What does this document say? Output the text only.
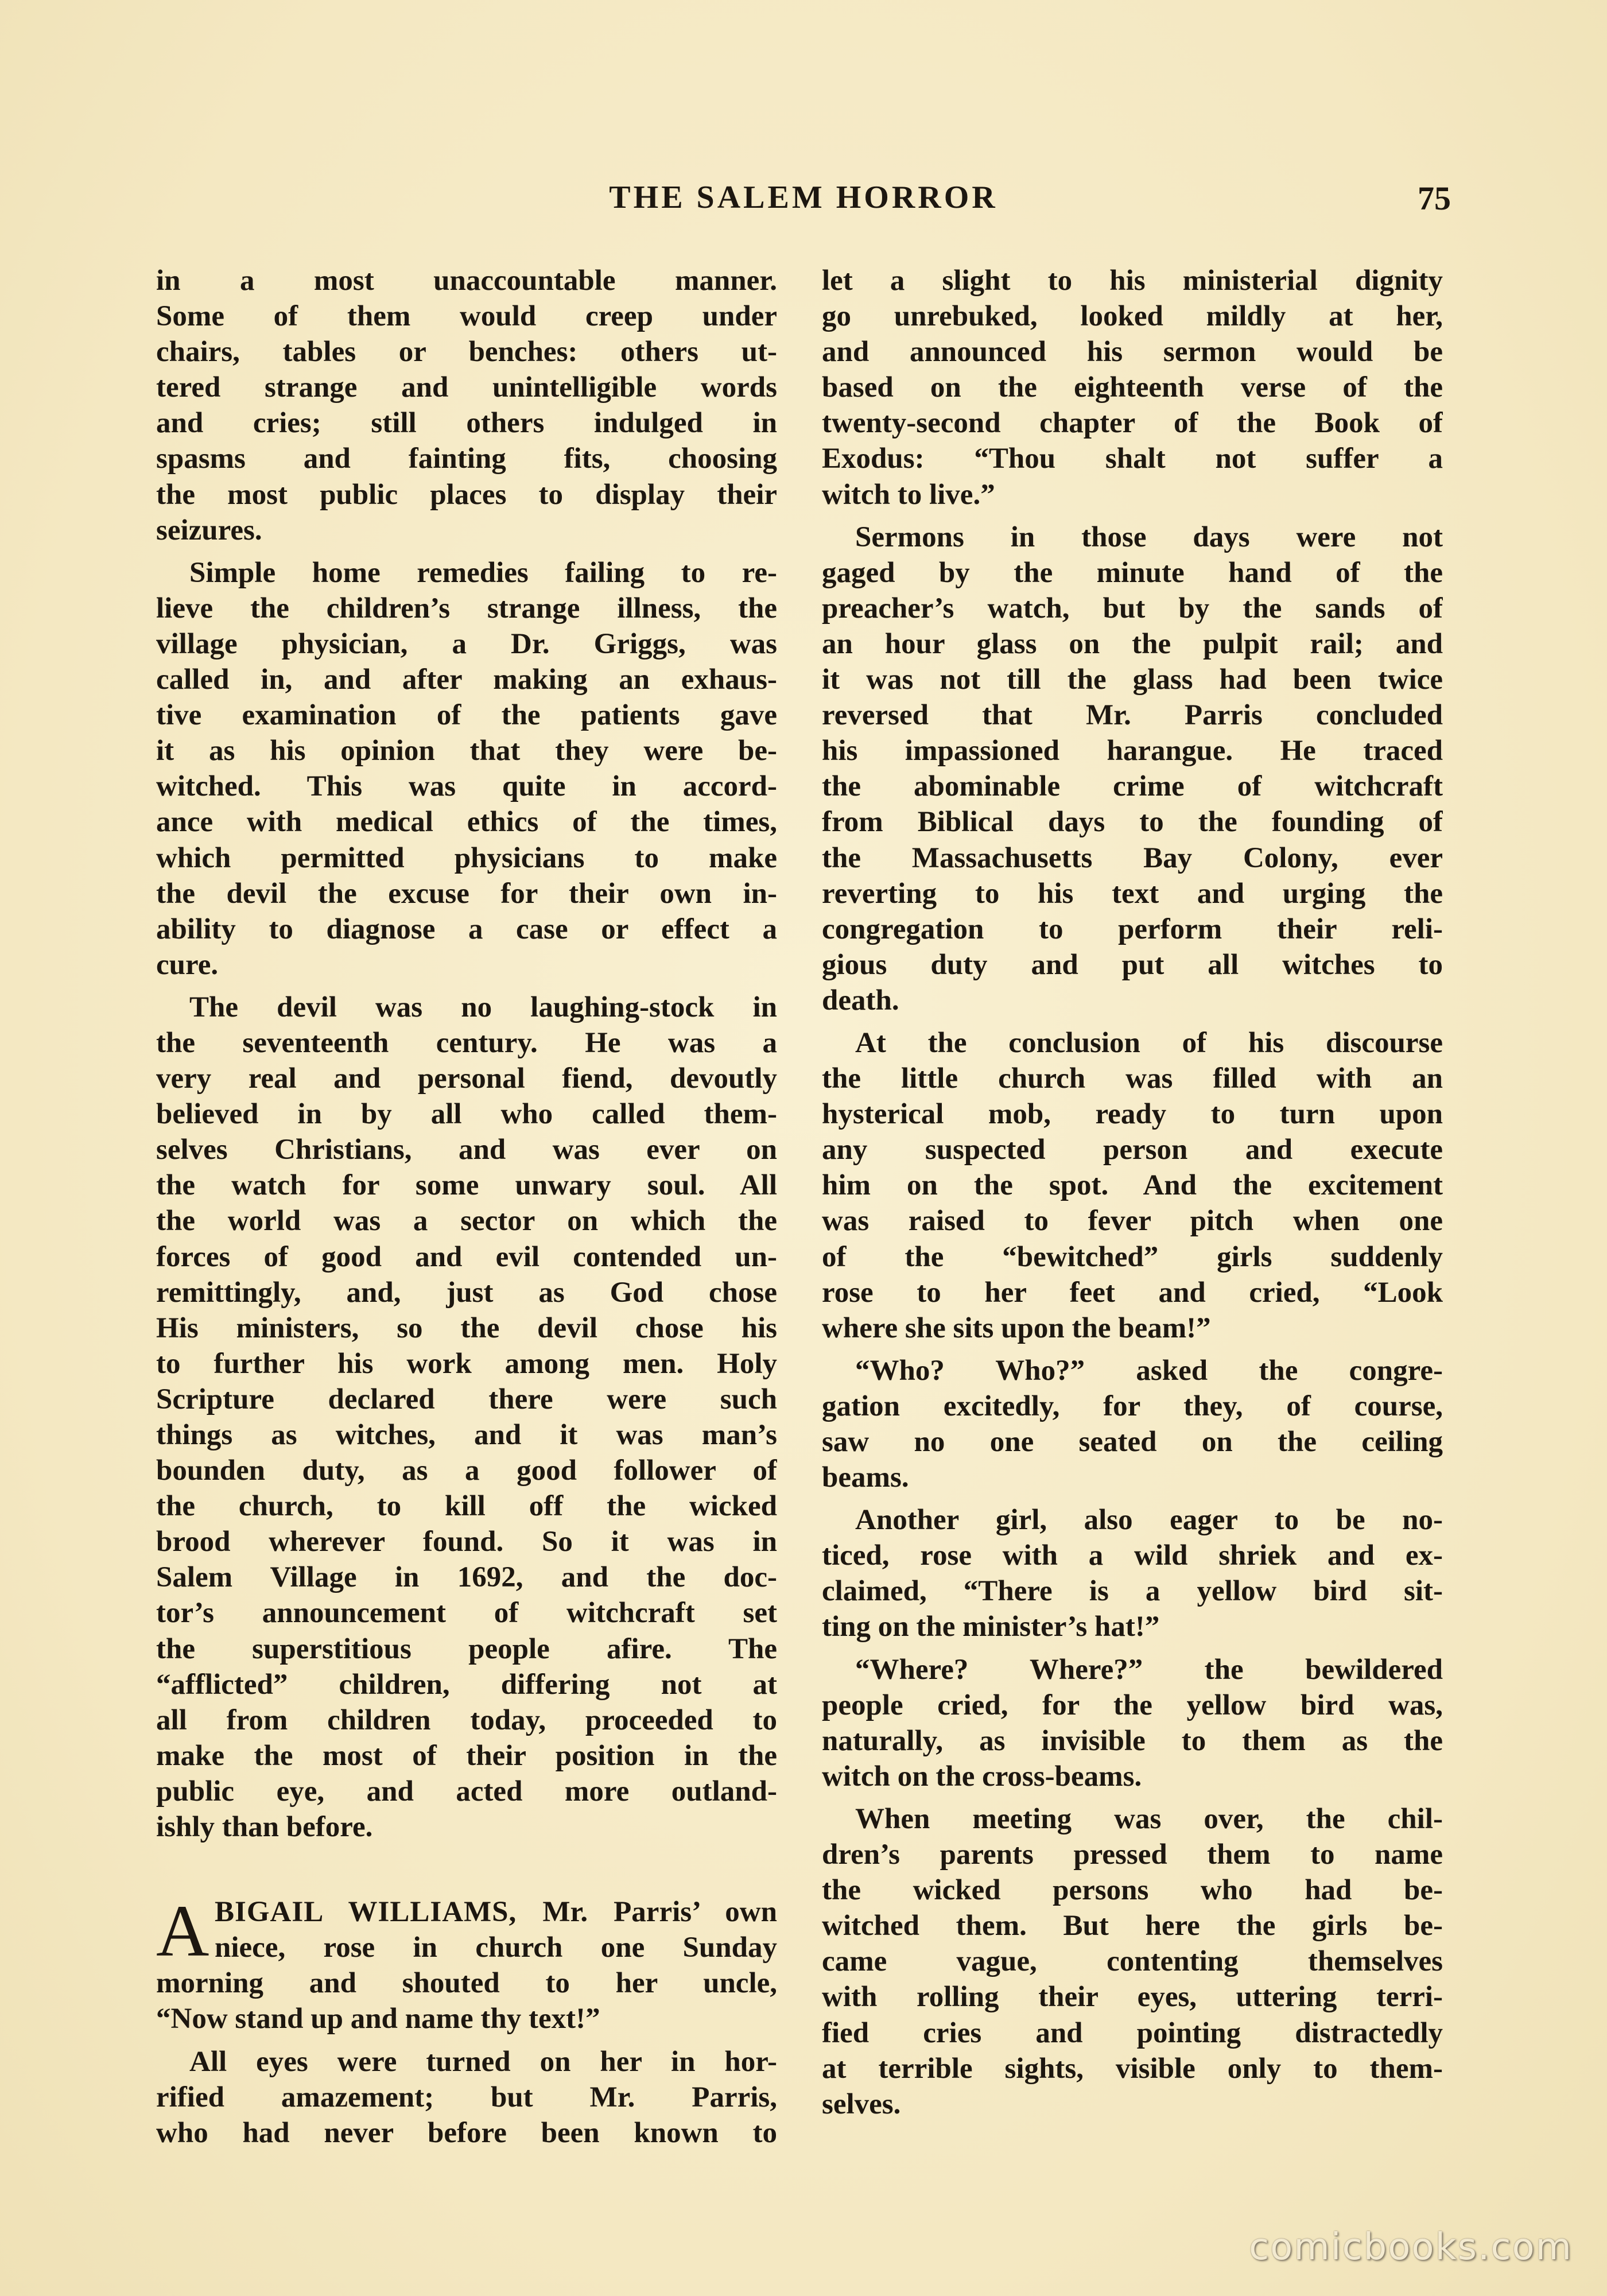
THE SALEM HORROR	75
in a most unaccountable manner.
Some of them would creep under
chairs, tables or benches: others ut-
tered strange and unintelligible words
and cries; still others indulged in
spasms and fainting fits, choosing
the most public places to display their
seizures.
Simple home remedies failing to re-
lieve the children’s strange illness, the
village physician, a Dr. Griggs, was
called in, and after making an exhaus-
tive examination of the patients gave
it as his opinion that they were be-
witched. This was quite in accord-
ance with medical ethics of the times,
which permitted physicians to make
the devil the excuse for their own in-
ability to diagnose a case or effect a
cure.
The devil was no laughing-stock in
the seventeenth century. He was a
very real and personal fiend, devoutly
believed in by all who called them-
selves Christians, and was ever on
the watch for some unwary soul. All
the world was a sector on which the
forces of good and evil contended un-
remittingly, and, just as God chose
His ministers, so the devil chose his
to further his work among men. Holy
Scripture declared there were such
things as witches, and it was man’s
bounden duty, as a good follower of
the church, to kill off the wicked
brood wherever found. So it was in
Salem Village in 1692, and the doc-
tor’s announcement of witchcraft set
the superstitious people afire. The
“afflicted” children, differing not at
all from children today, proceeded to
make the most of their position in the
public eye, and acted more outland-
ishly than before.
A BIGAIL WILLIAMS, Mr. Parris’ own
niece, rose in church one Sunday
morning and shouted to her uncle,
“Now stand up and name thy text!”
All eyes were turned on her in hor-
rified amazement; but Mr. Parris,
who had never before been known to
let a slight to his ministerial dignity
go unrebuked, looked mildly at her,
and announced his sermon would be
based on the eighteenth verse of the
twenty-second chapter of the Book of
Exodus: “Thou shalt not suffer a
witch to live.”
Sermons in those days were not
gaged by the minute hand of the
preacher’s watch, but by the sands of
an hour glass on the pulpit rail; and
it was not till the glass had been twice
reversed that Mr. Parris concluded
his impassioned harangue. He traced
the abominable crime of witchcraft
from Biblical days to the founding of
the Massachusetts Bay Colony, ever
reverting to his text and urging the
congregation to perform their reli-
gious duty and put all witches to
death.
At the conclusion of his discourse
the little church was filled with an
hysterical mob, ready to turn upon
any suspected person and execute
him on the spot. And the excitement
was raised to fever pitch when one
of the “bewitched” girls suddenly
rose to her feet and cried, “Look
where she sits upon the beam!”
“Who? Who?” asked the congre-
gation excitedly, for they, of course,
saw no one seated on the ceiling
beams.
Another girl, also eager to be no-
ticed, rose with a wild shriek and ex-
claimed, “There is a yellow bird sit-
ting on the minister’s hat!”
“Where? Where?” the bewildered
people cried, for the yellow bird was,
naturally, as invisible to them as the
witch on the cross-beams.
When meeting was over, the chil-
dren’s parents pressed them to name
the wicked persons who had be-
witched them. But here the girls be-
came vague, contenting themselves
with rolling their eyes, uttering terri-
fied cries and pointing distractedly
at terrible sights, visible only to them-
selves.
comicbooks.com
